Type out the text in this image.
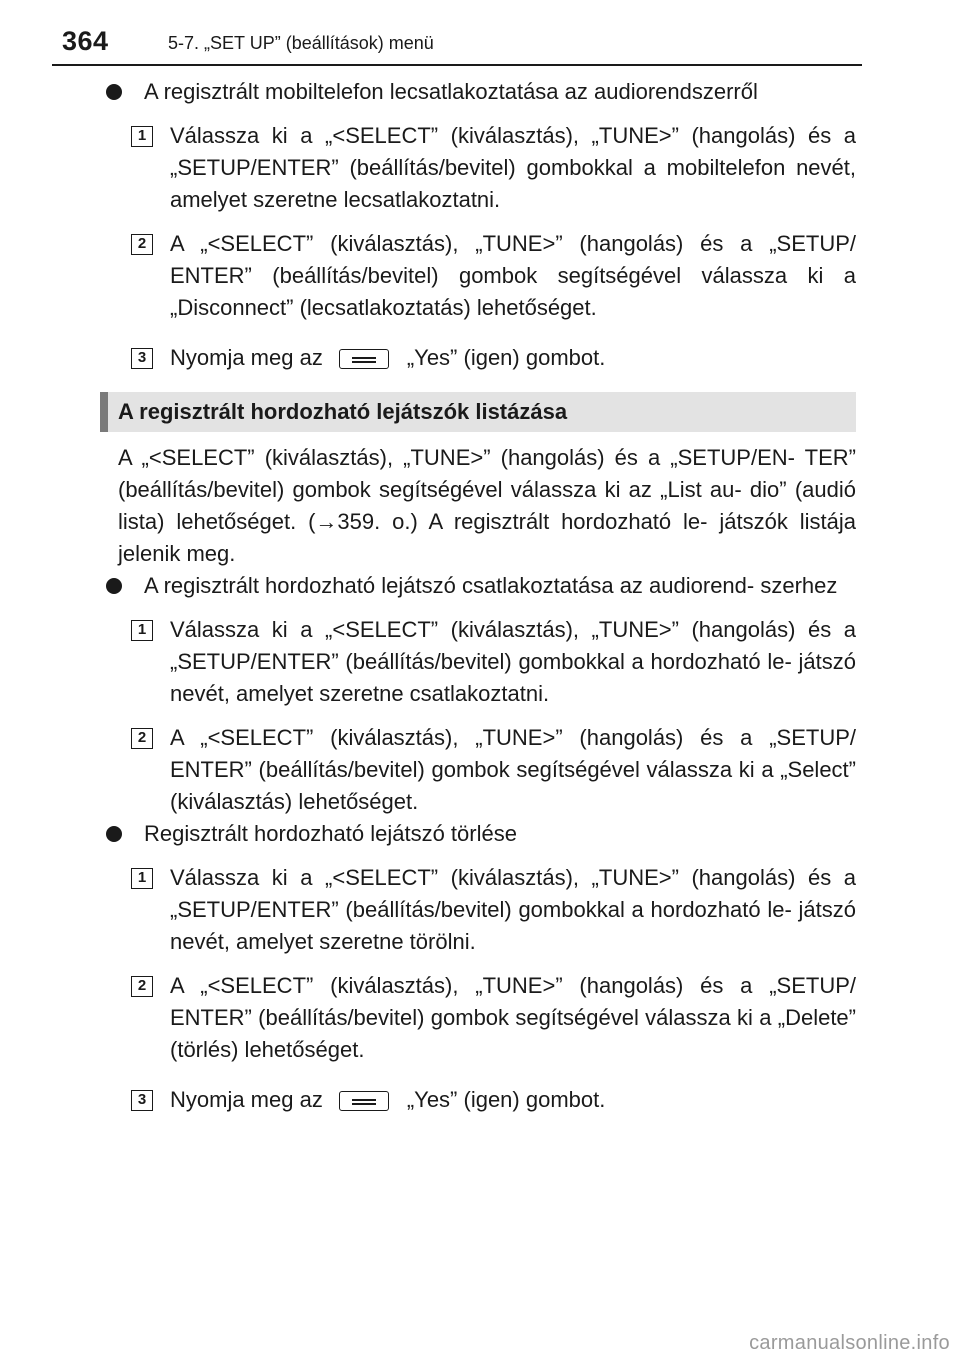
364	5-7. „SET UP” (beállítások) menü

A regisztrált mobiltelefon lecsatlakoztatása az audiorendszerről

1	Válassza ki a „<SELECT” (kiválasztás), „TUNE>” (hangolás) és a „SETUP/ENTER” (beállítás/bevitel) gombokkal a mobiltelefon nevét, amelyet szeretne lecsatlakoztatni.

2	A „<SELECT” (kiválasztás), „TUNE>” (hangolás) és a „SETUP/ ENTER” (beállítás/bevitel) gombok segítségével válassza ki a „Disconnect” (lecsatlakoztatás) lehetőséget.

3	Nyomja meg az	„Yes” (igen) gombot.

A regisztrált hordozható lejátszók listázása

A „<SELECT” (kiválasztás), „TUNE>” (hangolás) és a „SETUP/EN- TER” (beállítás/bevitel) gombok segítségével válassza ki az „List au- dio” (audió lista) lehetőséget. (→359. o.) A regisztrált hordozható le- játszók listája jelenik meg.

A regisztrált hordozható lejátszó csatlakoztatása az audiorend- szerhez

1	Válassza ki a „<SELECT” (kiválasztás), „TUNE>” (hangolás) és a „SETUP/ENTER” (beállítás/bevitel) gombokkal a hordozható le- játszó nevét, amelyet szeretne csatlakoztatni.

2	A „<SELECT” (kiválasztás), „TUNE>” (hangolás) és a „SETUP/ ENTER” (beállítás/bevitel) gombok segítségével válassza ki a „Select” (kiválasztás) lehetőséget.

Regisztrált hordozható lejátszó törlése

1	Válassza ki a „<SELECT” (kiválasztás), „TUNE>” (hangolás) és a „SETUP/ENTER” (beállítás/bevitel) gombokkal a hordozható le- játszó nevét, amelyet szeretne törölni.

2	A „<SELECT” (kiválasztás), „TUNE>” (hangolás) és a „SETUP/ ENTER” (beállítás/bevitel) gombok segítségével válassza ki a „Delete” (törlés) lehetőséget.

3	Nyomja meg az	„Yes” (igen) gombot.

carmanualsonline.info
